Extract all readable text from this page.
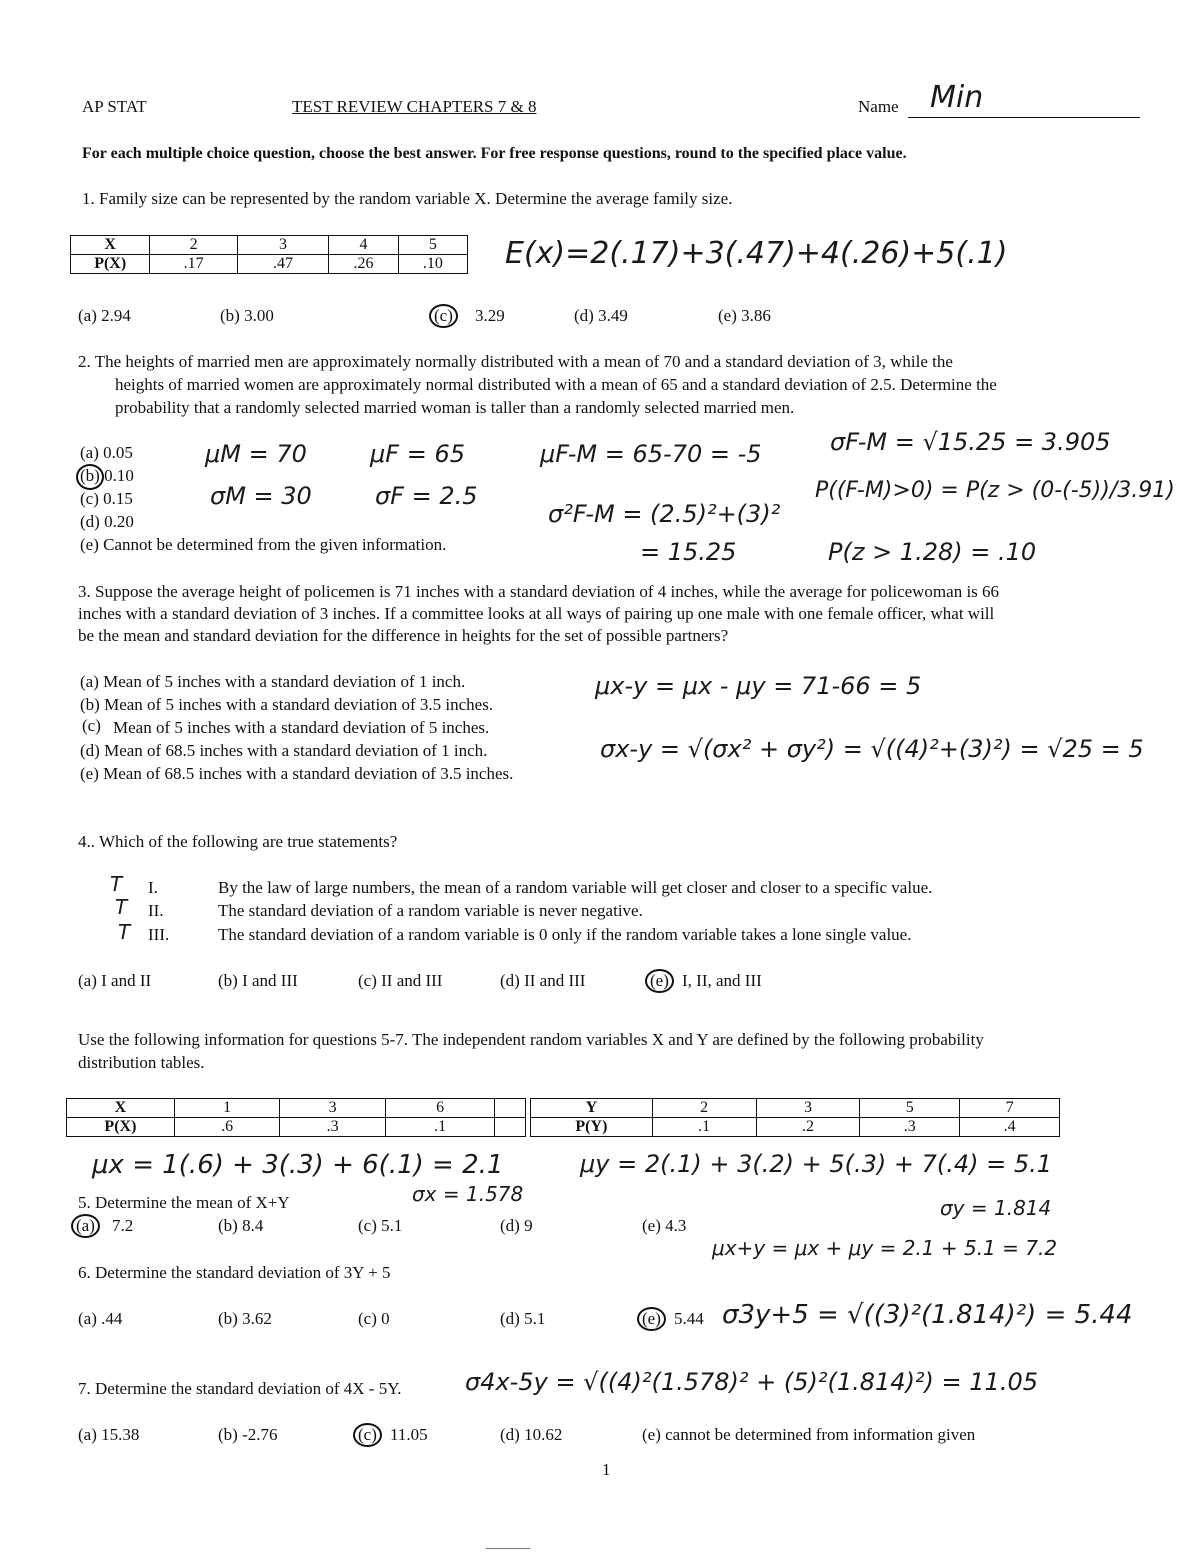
AP STAT	TEST REVIEW CHAPTERS 7 & 8	Name Min
For each multiple choice question, choose the best answer. For free response questions, round to the specified place value.
1. Family size can be represented by the random variable X. Determine the average family size.
X	2	3	4	5
P(X)	.17	.47	.26	.10 E(x)=2(.17)+3(.47)+4(.26)+5(.1)
(a) 2.94	(b) 3.00	(c) 3.29	(d) 3.49	(e) 3.86
2. The heights of married men are approximately normally distributed with a mean of 70 and a standard deviation of 3, while the
heights of married women are approximately normal distributed with a mean of 65 and a standard deviation of 2.5. Determine the
probability that a randomly selected married woman is taller than a randomly selected married men.
(a) 0.05
(b) 0.10
(c) 0.15
(d) 0.20
(e) Cannot be determined from the given information.
μM = 70	μF = 65
σM = 30	σF = 2.5
μF-M = 65-70 = -5	σF-M = √15.25 = 3.905
σ²F-M = (2.5)²+(3)²
= 15.25
P((F-M)>0) = P(z > (0-(-5))/3.91)
P(z > 1.28) = .10
3. Suppose the average height of policemen is 71 inches with a standard deviation of 4 inches, while the average for policewoman is 66
inches with a standard deviation of 3 inches. If a committee looks at all ways of pairing up one male with one female officer, what will
be the mean and standard deviation for the difference in heights for the set of possible partners?
(a) Mean of 5 inches with a standard deviation of 1 inch.
(b) Mean of 5 inches with a standard deviation of 3.5 inches.
(c) Mean of 5 inches with a standard deviation of 5 inches.
(d) Mean of 68.5 inches with a standard deviation of 1 inch.
(e) Mean of 68.5 inches with a standard deviation of 3.5 inches.
μx-y = μx - μy = 71-66 = 5
σx-y = √(σx² + σy²) = √((4)²+(3)²) = √25 = 5
4.. Which of the following are true statements?
T I.	By the law of large numbers, the mean of a random variable will get closer and closer to a specific value.
T II.	The standard deviation of a random variable is never negative.
T III.	The standard deviation of a random variable is 0 only if the random variable takes a lone single value.
(a) I and II	(b) I and III	(c) II and III	(d) II and III	(e) I, II, and III
Use the following information for questions 5-7. The independent random variables X and Y are defined by the following probability
distribution tables.
X	1	3	6	
P(X)	.6	.3	.1	
Y	2	3	5	7
P(Y)	.1	.2	.3	.4
μx = 1(.6) + 3(.3) + 6(.1) = 2.1	μy = 2(.1) + 3(.2) + 5(.3) + 7(.4) = 5.1
σx = 1.578
σy = 1.814
5. Determine the mean of X+Y
(a) 7.2	(b) 8.4	(c) 5.1	(d) 9	(e) 4.3
μx+y = μx + μy = 2.1 + 5.1 = 7.2
6. Determine the standard deviation of 3Y + 5
(a) .44	(b) 3.62	(c) 0	(d) 5.1	(e) 5.44 σ3y+5 = √((3)²(1.814)²) = 5.44
7. Determine the standard deviation of 4X - 5Y.	σ4x-5y = √((4)²(1.578)² + (5)²(1.814)²) = 11.05
(a) 15.38	(b) -2.76	(c) 11.05	(d) 10.62	(e) cannot be determined from information given
1
